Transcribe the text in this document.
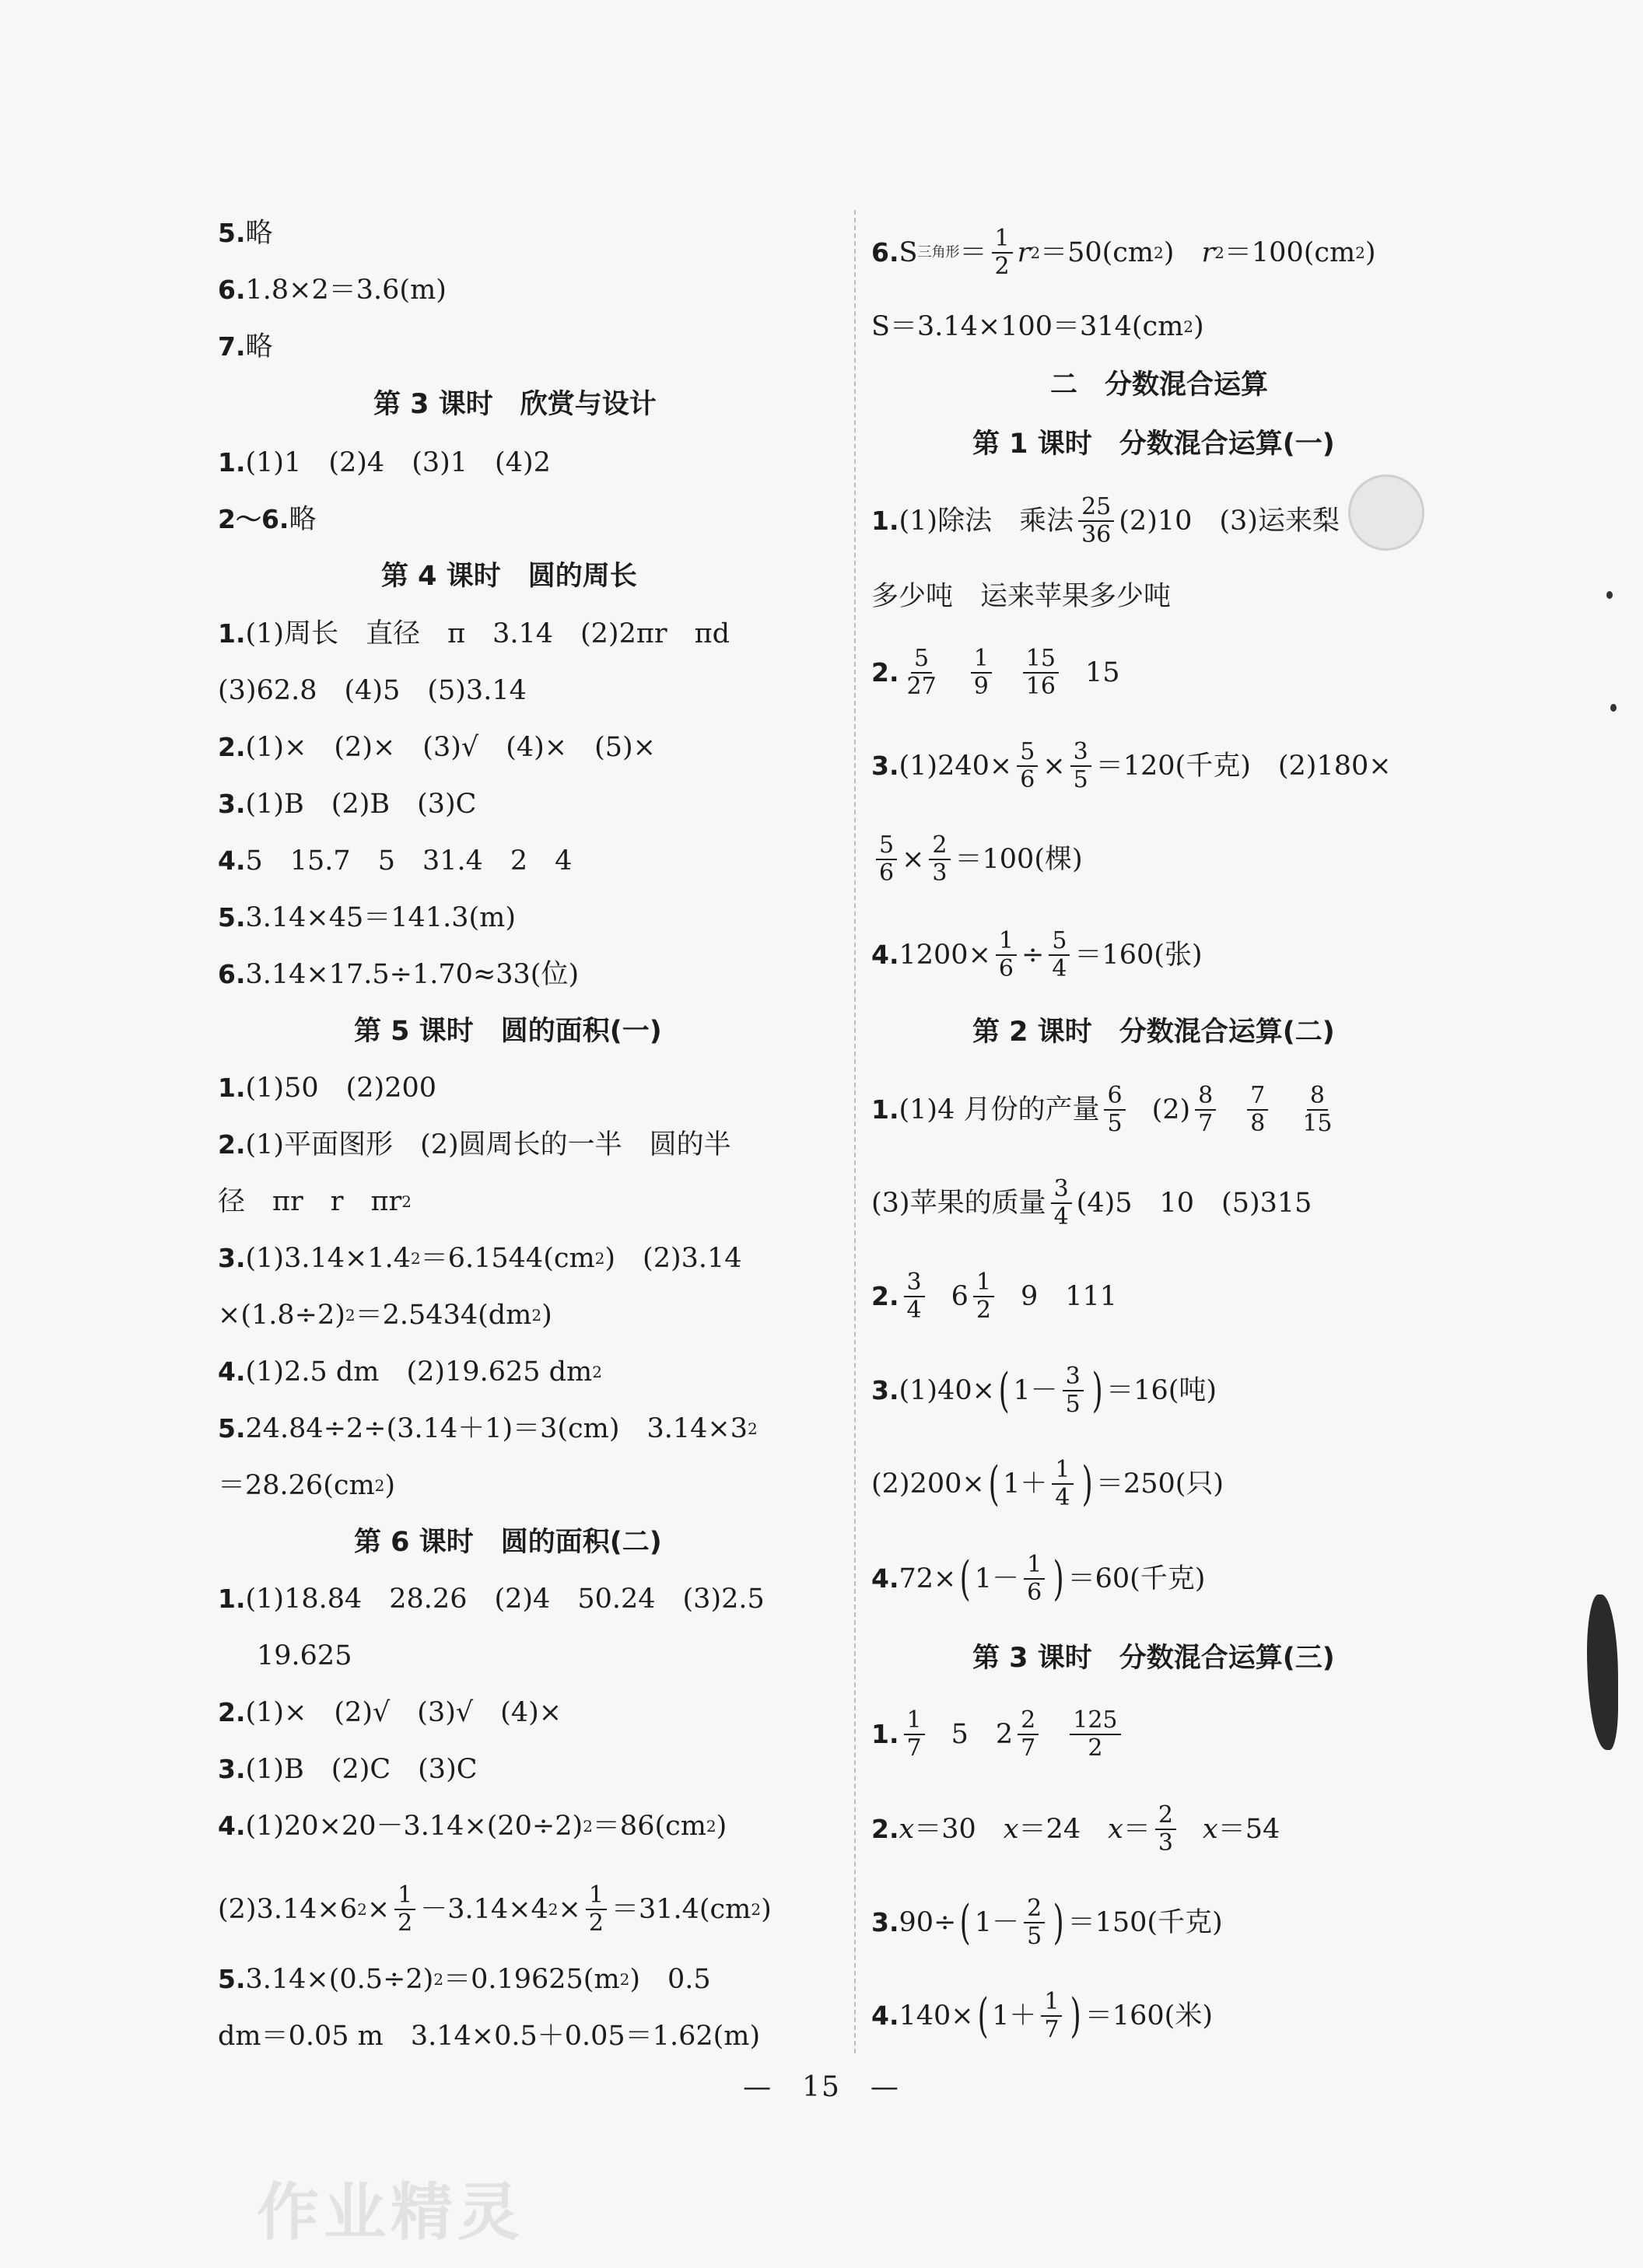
5. 略
6. 1.8×2＝3.6(m)
7. 略
第 3 课时　欣赏与设计
1. (1)1　(2)4　(3)1　(4)2
2～6. 略
第 4 课时　圆的周长
1. (1)周长　直径　π　3.14　(2)2πr　πd
(3)62.8　(4)5　(5)3.14
2. (1)×　(2)×　(3)√　(4)×　(5)×
3. (1)B　(2)B　(3)C
4. 5　15.7　5　31.4　2　4
5. 3.14×45＝141.3(m)
6. 3.14×17.5÷1.70≈33(位)
第 5 课时　圆的面积(一)
1. (1)50　(2)200
2. (1)平面图形　(2)圆周长的一半　圆的半
径　πr　r　πr 2
3. (1)3.14×1.4 2 ＝6.1544(cm 2 )　(2)3.14
×(1.8÷2) 2 ＝2.5434(dm 2 )
4. (1)2.5 dm　(2)19.625 dm 2
5. 24.84÷2÷(3.14＋1)＝3(cm)　3.14×3 2
＝28.26(cm 2 )
第 6 课时　圆的面积(二)
1. (1)18.84　28.26　(2)4　50.24　(3)2.5
19.625
2. (1)×　(2)√　(3)√　(4)×
3. (1)B　(2)C　(3)C
4. (1)20×20－3.14×(20÷2) 2 ＝86(cm 2 )
(2)3.14×6 $2 \times \frac{1}{2} -3.14\times 4$ $2 \times \frac{1}{2} =31.4(cm$ 2 )
5. 3.14×(0.5÷2) 2 ＝0.19625(m 2 )　0.5
dm＝0.05 m　3.14×0.5＋0.05＝1.62(m)
6. S 三角形 ＝ $\frac{1}{2}$ r 2 ＝50(cm 2 )　 r 2 ＝100(cm 2 )
S＝3.14×100＝314(cm 2 )
二　分数混合运算
第 1 课时　分数混合运算(一)
1. (1)除法　乘法 $\frac{25}{36} (2)10$　(3)运来梨
多少吨　运来苹果多少吨
2. $\frac{5}{27} \frac{1}{9} \frac{15}{16} 15$
3. $(1)240\times \frac{5}{6} \times \frac{3}{5} =120$(千克)　(2)180×
$\frac{5}{6} \times \frac{2}{3} =100$(棵)
4. $1200\times \frac{1}{6} \div \frac{5}{4} =160$(张)
第 2 课时　分数混合运算(二)
1. (1)4 月份的产量 $\frac{6}{5} (2) \frac{8}{7} \frac{7}{8} \frac{8}{15}$
(3)苹果的质量 $\frac{3}{4} (4)5$　10　(5)315
2. $\frac{3}{4} 6 \frac{1}{2} 9$　111
3. (1)40× ( $1- \frac{3}{5}$ ) ＝16(吨)
(2)200× ( $1+ \frac{1}{4}$ ) ＝250(只)
4. 72× ( $1- \frac{1}{6}$ ) ＝60(千克)
第 3 课时　分数混合运算(三)
1. $\frac{1}{7} 5$　$2 \frac{2}{7} \frac{125}{2}$
2. x ＝30　 x ＝24　 $x = \frac{2}{3}$ x ＝54
3. 90÷ ( $1- \frac{2}{5}$ ) ＝150(千克)
4. 140× ( $1+ \frac{1}{7}$ ) ＝160(米)
—　15　—
作业精灵
